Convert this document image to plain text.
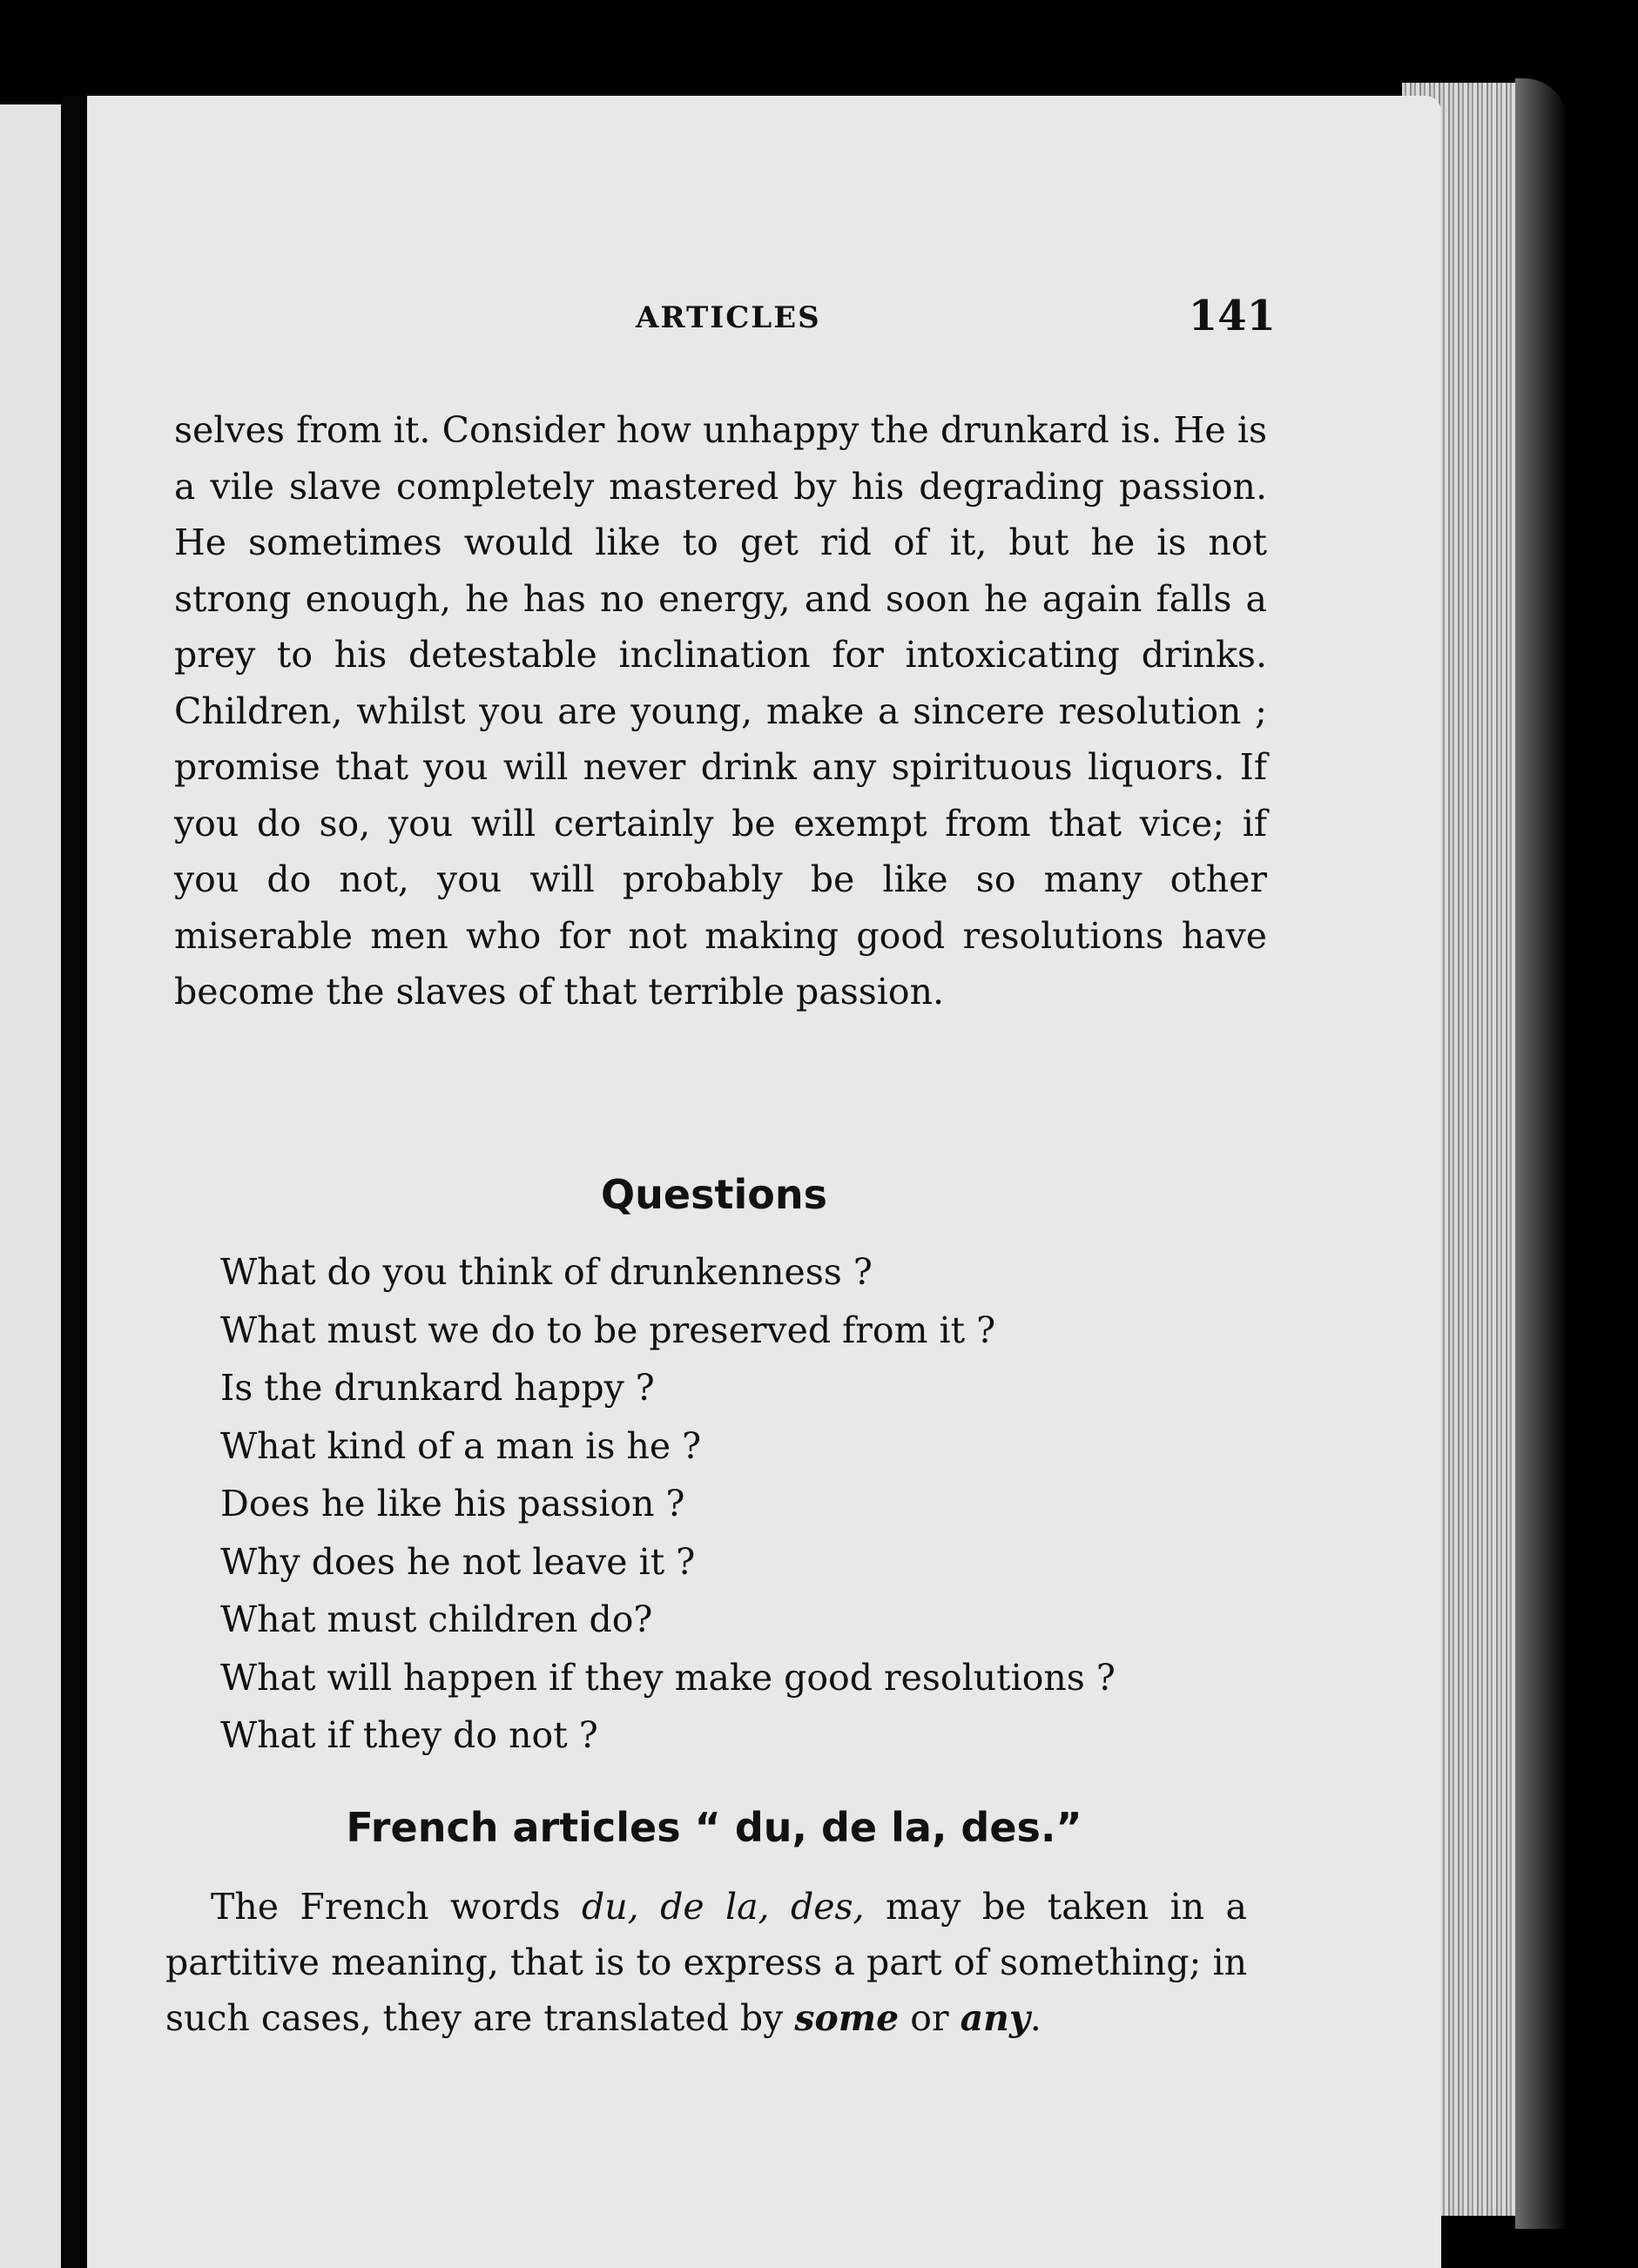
ARTICLES	141

selves from it. Consider how unhappy the drunkard is. He is a vile slave completely mastered by his degrading passion. He sometimes would like to get rid of it, but he is not strong enough, he has no energy, and soon he again falls a prey to his detestable inclination for intoxicating drinks. Children, whilst you are young, make a sincere resolution ; promise that you will never drink any spirituous liquors. If you do so, you will certainly be exempt from that vice; if you do not, you will probably be like so many other miserable men who for not making good resolutions have become the slaves of that terrible passion.

Questions
What do you think of drunkenness ?
What must we do to be preserved from it ?
Is the drunkard happy ?
What kind of a man is he ?
Does he like his passion ?
Why does he not leave it ?
What must children do?
What will happen if they make good resolutions ?
What if they do not ?
French articles “ du, de la, des.”

The French words du, de la, des, may be taken in a partitive meaning, that is to express a part of something; in such cases, they are translated by some or any.
